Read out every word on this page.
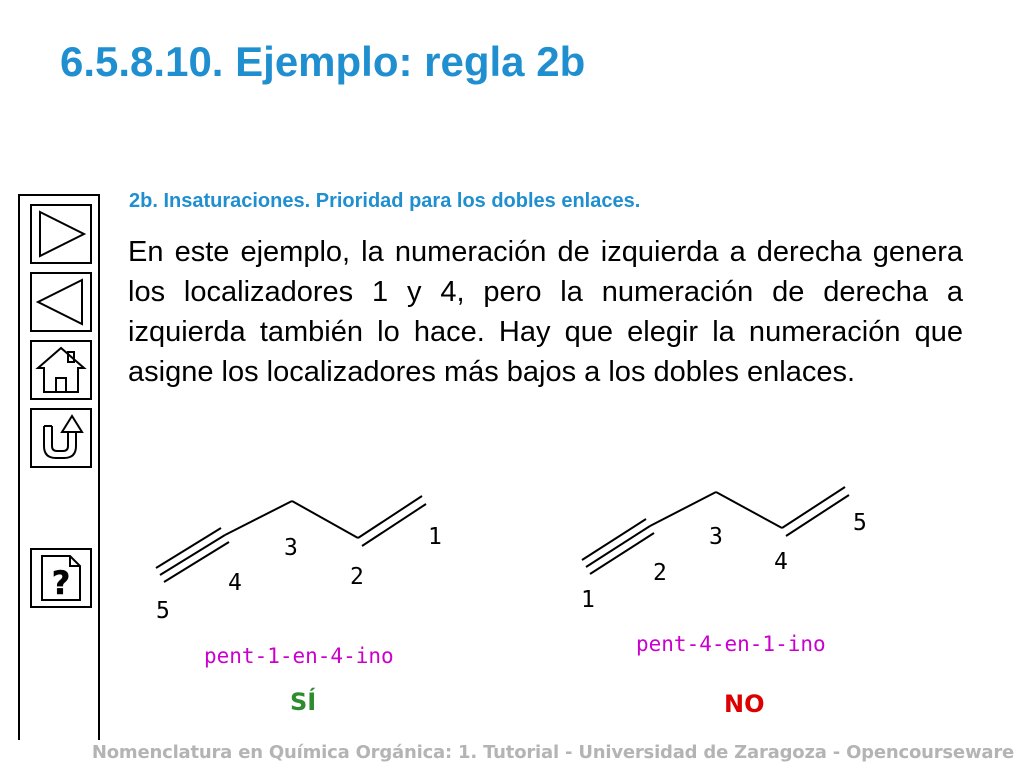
6.5.8.10. Ejemplo: regla 2b
?
2b. Insaturaciones. Prioridad para los dobles enlaces.
En este ejemplo, la numeración de izquierda a derecha genera los localizadores 1 y 4, pero la numeración de derecha a izquierda también lo hace. Hay que elegir la numeración que asigne los localizadores más bajos a los dobles enlaces.
1
2
3
4
5
pent-1-en-4-ino
SÍ
1
2
3
4
5
pent-4-en-1-ino
NO
Nomenclatura en Química Orgánica: 1. Tutorial - Universidad de Zaragoza - Opencourseware
